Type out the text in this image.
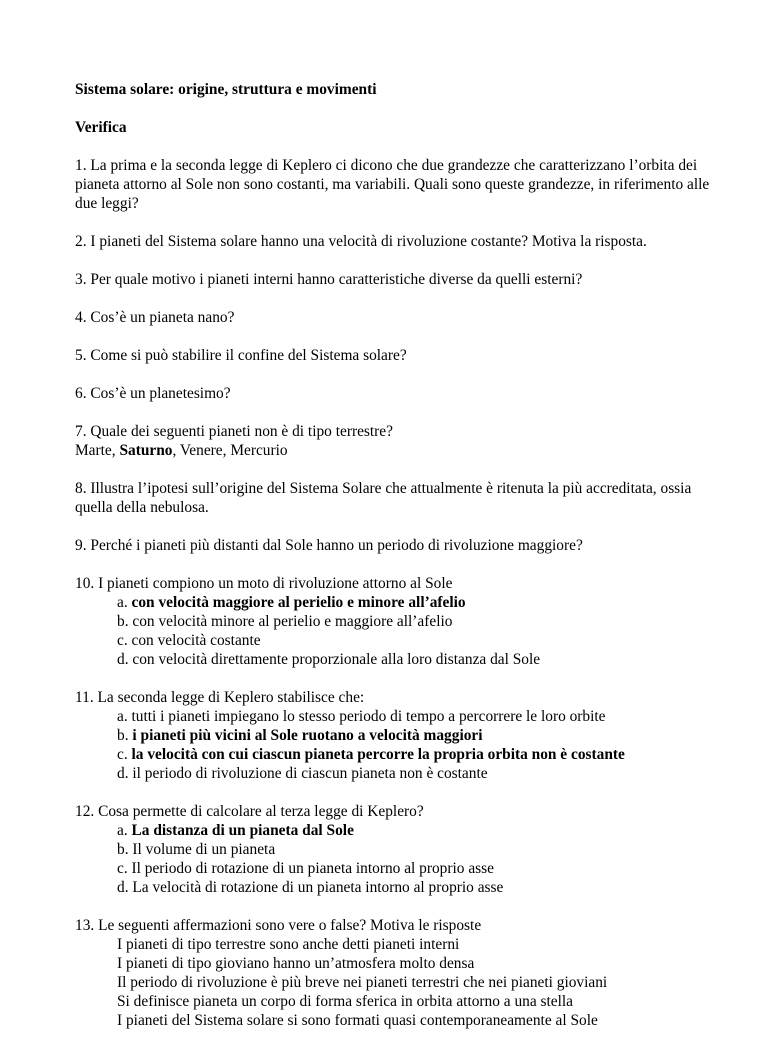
Sistema solare: origine, struttura e movimenti

Verifica

1. La prima e la seconda legge di Keplero ci dicono che due grandezze che caratterizzano l’orbita dei pianeta attorno al Sole non sono costanti, ma variabili. Quali sono queste grandezze, in riferimento alle due leggi?

2. I pianeti del Sistema solare hanno una velocità di rivoluzione costante? Motiva la risposta.

3. Per quale motivo i pianeti interni hanno caratteristiche diverse da quelli esterni?

4. Cos’è un pianeta nano?

5. Come si può stabilire il confine del Sistema solare?

6. Cos’è un planetesimo?

7. Quale dei seguenti pianeti non è di tipo terrestre?
Marte, Saturno, Venere, Mercurio

8. Illustra l’ipotesi sull’origine del Sistema Solare che attualmente è ritenuta la più accreditata, ossia quella della nebulosa.

9. Perché i pianeti più distanti dal Sole hanno un periodo di rivoluzione maggiore?

10. I pianeti compiono un moto di rivoluzione attorno al Sole
a. con velocità maggiore al perielio e minore all’afelio
b. con velocità minore al perielio e maggiore all’afelio
c. con velocità costante
d. con velocità direttamente proporzionale alla loro distanza dal Sole
11. La seconda legge di Keplero stabilisce che:
a. tutti i pianeti impiegano lo stesso periodo di tempo a percorrere le loro orbite
b. i pianeti più vicini al Sole ruotano a velocità maggiori
c. la velocità con cui ciascun pianeta percorre la propria orbita non è costante
d. il periodo di rivoluzione di ciascun pianeta non è costante
12. Cosa permette di calcolare al terza legge di Keplero?
a. La distanza di un pianeta dal Sole
b. Il volume di un pianeta
c. Il periodo di rotazione di un pianeta intorno al proprio asse
d. La velocità di rotazione di un pianeta intorno al proprio asse
13. Le seguenti affermazioni sono vere o false? Motiva le risposte
I pianeti di tipo terrestre sono anche detti pianeti interni
I pianeti di tipo gioviano hanno un’atmosfera molto densa
Il periodo di rivoluzione è più breve nei pianeti terrestri che nei pianeti gioviani
Si definisce pianeta un corpo di forma sferica in orbita attorno a una stella
I pianeti del Sistema solare si sono formati quasi contemporaneamente al Sole
